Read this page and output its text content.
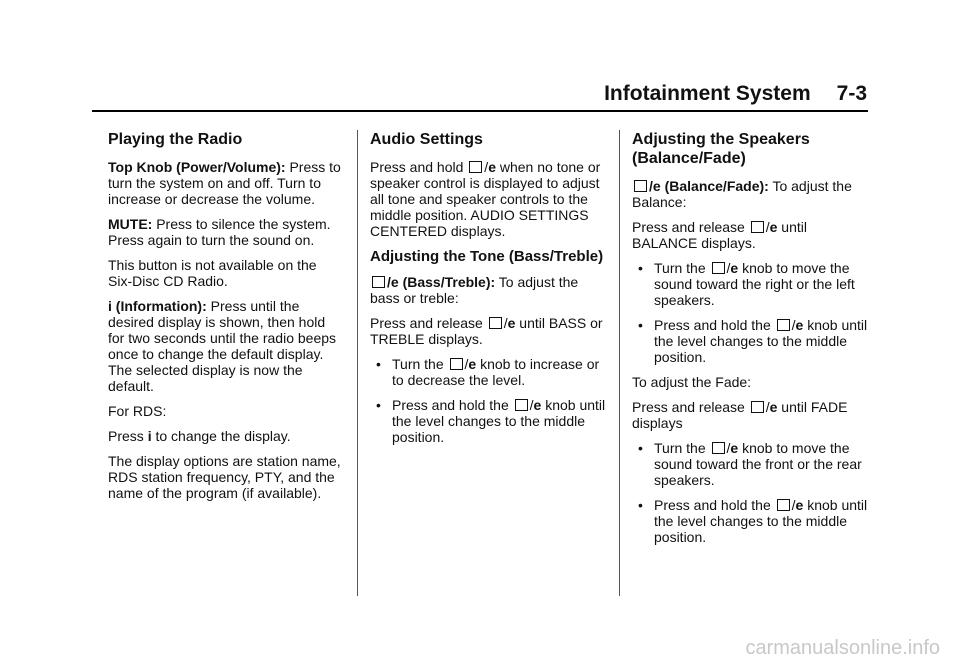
Infotainment System 7-3
Playing the Radio

Top Knob (Power/Volume): Press to turn the system on and off. Turn to increase or decrease the volume.

MUTE: Press to silence the system. Press again to turn the sound on.

This button is not available on the Six-Disc CD Radio.

i (Information): Press until the desired display is shown, then hold for two seconds until the radio beeps once to change the default display. The selected display is now the default.

For RDS:

Press i to change the display.

The display options are station name, RDS station frequency, PTY, and the name of the program (if available).

Audio Settings

Press and hold /e when no tone or speaker control is displayed to adjust all tone and speaker controls to the middle position. AUDIO SETTINGS CENTERED displays.

Adjusting the Tone (Bass/Treble)

/e (Bass/Treble): To adjust the bass or treble:

Press and release /e until BASS or TREBLE displays.

• Turn the /e knob to increase or to decrease the level.
• Press and hold the /e knob until the level changes to the middle position.
Adjusting the Speakers (Balance/Fade)

/e (Balance/Fade): To adjust the Balance:

Press and release /e until BALANCE displays.

• Turn the /e knob to move the sound toward the right or the left speakers.
• Press and hold the /e knob until the level changes to the middle position.

To adjust the Fade:

Press and release /e until FADE displays

• Turn the /e knob to move the sound toward the front or the rear speakers.
• Press and hold the /e knob until the level changes to the middle position.
carmanualsonline.info
